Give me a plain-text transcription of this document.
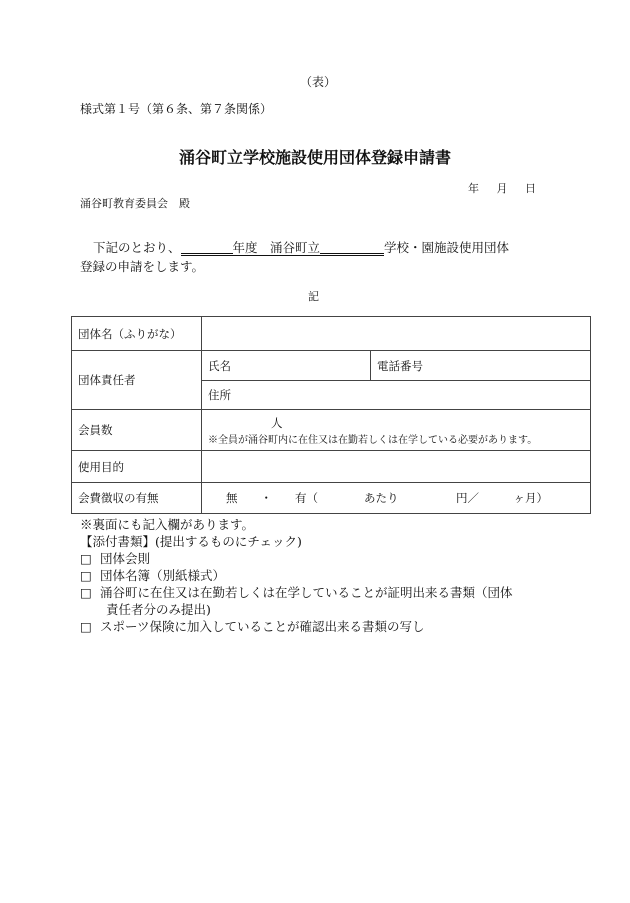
（表）
様式第１号（第６条、第７条関係）
涌谷町立学校施設使用団体登録申請書
年 月 日
涌谷町教育委員会　殿
下記のとおり、	年度　涌谷町立	学校・園施設使用団体
登録の申請をします。
記
団体名（ふりがな）		
団体責任者	氏名	電話番号
	住所	
会員数	人
※全員が涌谷町内に在住又は在勤若しくは在学している必要があります。	

使用目的		
会費徴収の有無	無　　・　　有（　　　　あたり　　　　　円／　　　ヶ月）	
※裏面にも記入欄があります。
【添付書類】(提出するものにチェック)
□ 団体会則
□ 団体名簿（別紙様式）
□ 涌谷町に在住又は在勤若しくは在学していることが証明出来る書類（団体
責任者分のみ提出)
□ スポーツ保険に加入していることが確認出来る書類の写し
